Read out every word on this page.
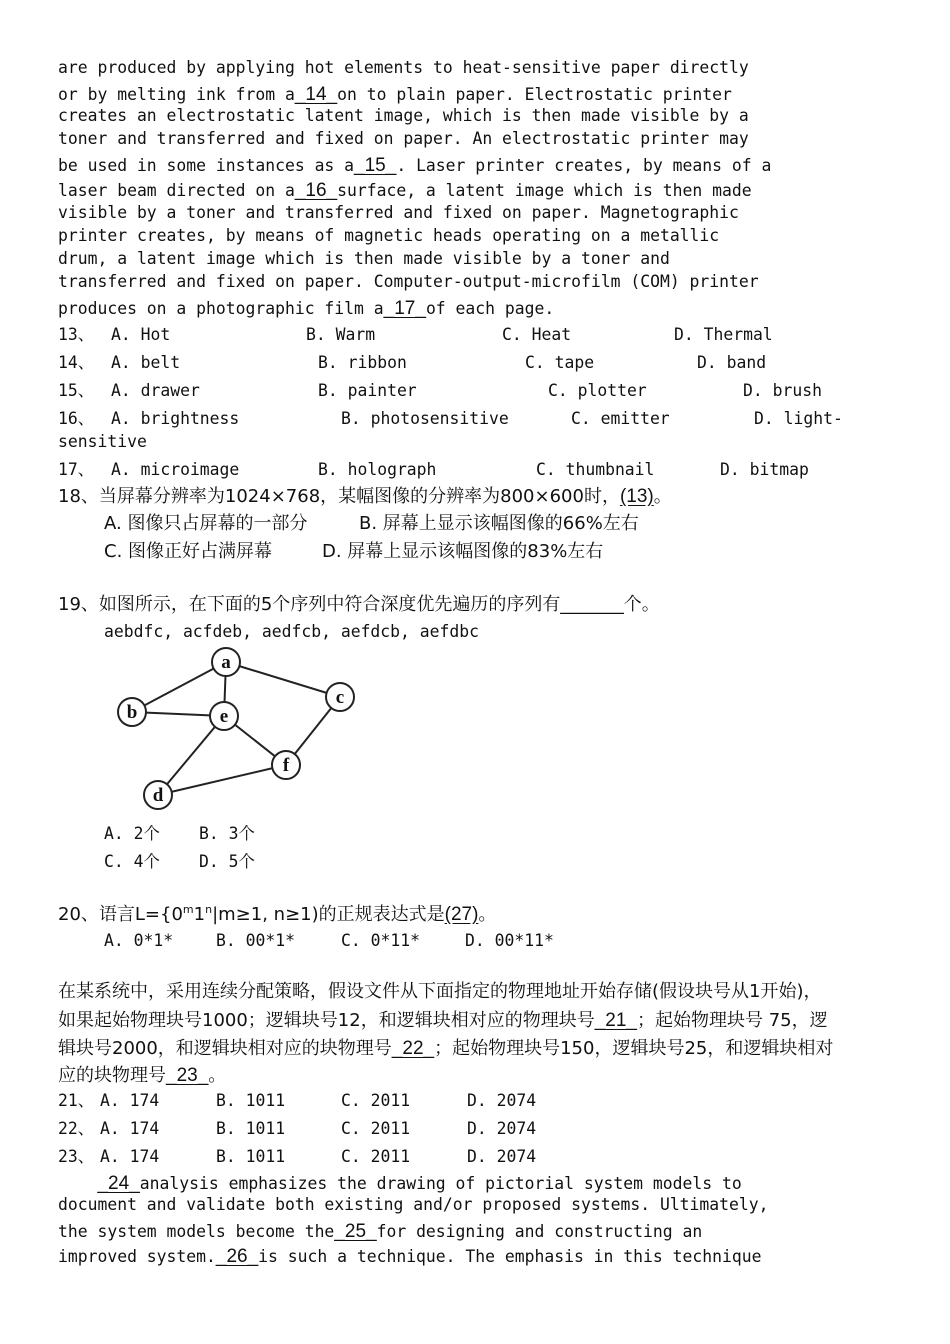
are produced by applying hot elements to heat-sensitive paper directly
or by melting ink from a_14_on to plain paper. Electrostatic printer
creates an electrostatic latent image, which is then made visible by a
toner and transferred and fixed on paper. An electrostatic printer may
be used in some instances as a_15_. Laser printer creates, by means of a
laser beam directed on a_16_surface, a latent image which is then made
visible by a toner and transferred and fixed on paper. Magnetographic
printer creates, by means of magnetic heads operating on a metallic
drum, a latent image which is then made visible by a toner and
transferred and fixed on paper. Computer-output-microfilm (COM) printer
produces on a photographic film a_17_of each page.
13、 A. Hot	B. Warm	C. Heat	D. Thermal
14、 A. belt	B. ribbon	C. tape	D. band
15、 A. drawer	B. painter	C. plotter	D. brush
16、 A. brightness	B. photosensitive	C. emitter	D. light-
sensitive
17、 A. microimage	B. holograph	C. thumbnail	D. bitmap
18、当屏幕分辨率为1024×768，某幅图像的分辨率为800×600时，(13)。
A. 图像只占屏幕的一部分	B. 屏幕上显示该幅图像的66%左右
C. 图像正好占满屏幕	D. 屏幕上显示该幅图像的83%左右
19、如图所示，在下面的5个序列中符合深度优先遍历的序列有______个。
aebdfc, acfdeb, aedfcb, aefdcb, aefdbc
a
b
c
d
e
f
A. 2个 B. 3个
C. 4个 D. 5个
20、语言$L=\{0^m1^n|m\ge 1$, n≥1)的正规表达式是(27)。
A. 0*1*	B. 00*1*	C. 0*11*	D. 00*11*
在某系统中，采用连续分配策略，假设文件从下面指定的物理地址开始存储(假设块号从1开始)，
如果起始物理块号1000；逻辑块号12，和逻辑块相对应的物理块号_21_；起始物理块号 75，逻
辑块号2000，和逻辑块相对应的块物理号_22_；起始物理块号150，逻辑块号25，和逻辑块相对
应的块物理号_23_。
21、 A. 174	B. 1011	C. 2011	D. 2074
22、 A. 174	B. 1011	C. 2011	D. 2074
23、 A. 174	B. 1011	C. 2011	D. 2074
_24_analysis emphasizes the drawing of pictorial system models to
document and validate both existing and/or proposed systems. Ultimately,
the system models become the_25_for designing and constructing an
improved system._26_is such a technique. The emphasis in this technique
